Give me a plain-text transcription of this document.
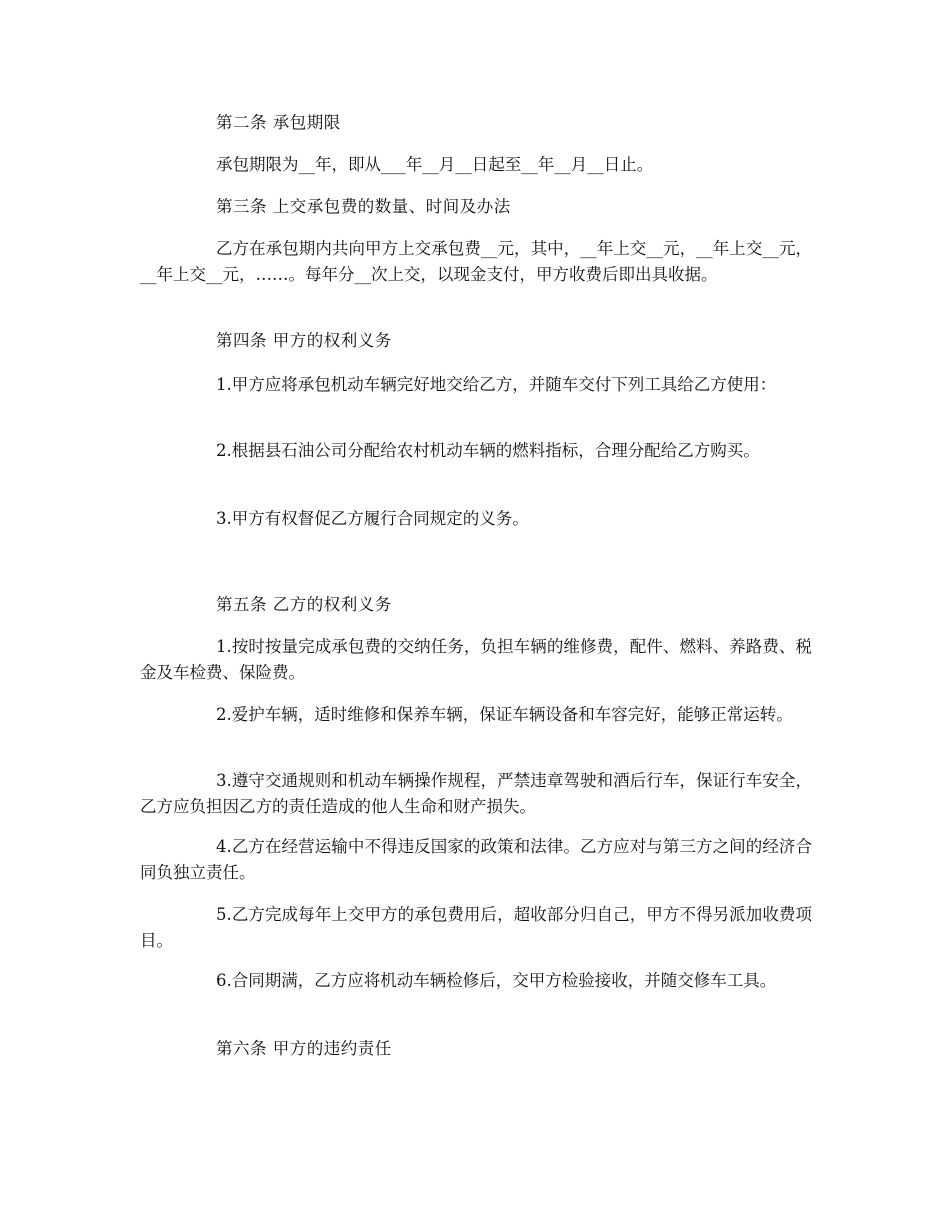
第二条 承包期限

承包期限为__年，即从___年__月__日起至__年__月__日止。

第三条 上交承包费的数量、时间及办法

乙方在承包期内共向甲方上交承包费__元，其中，__年上交__元，__年上交__元，__年上交__元，……。每年分__次上交，以现金支付，甲方收费后即出具收据。

第四条 甲方的权利义务

1.甲方应将承包机动车辆完好地交给乙方，并随车交付下列工具给乙方使用：

2.根据县石油公司分配给农村机动车辆的燃料指标，合理分配给乙方购买。

3.甲方有权督促乙方履行合同规定的义务。

第五条 乙方的权利义务

1.按时按量完成承包费的交纳任务，负担车辆的维修费，配件、燃料、养路费、税金及车检费、保险费。

2.爱护车辆，适时维修和保养车辆，保证车辆设备和车容完好，能够正常运转。

3.遵守交通规则和机动车辆操作规程，严禁违章驾驶和酒后行车，保证行车安全，乙方应负担因乙方的责任造成的他人生命和财产损失。

4.乙方在经营运输中不得违反国家的政策和法律。乙方应对与第三方之间的经济合同负独立责任。

5.乙方完成每年上交甲方的承包费用后，超收部分归自己，甲方不得另派加收费项目。

6.合同期满，乙方应将机动车辆检修后，交甲方检验接收，并随交修车工具。

第六条 甲方的违约责任
